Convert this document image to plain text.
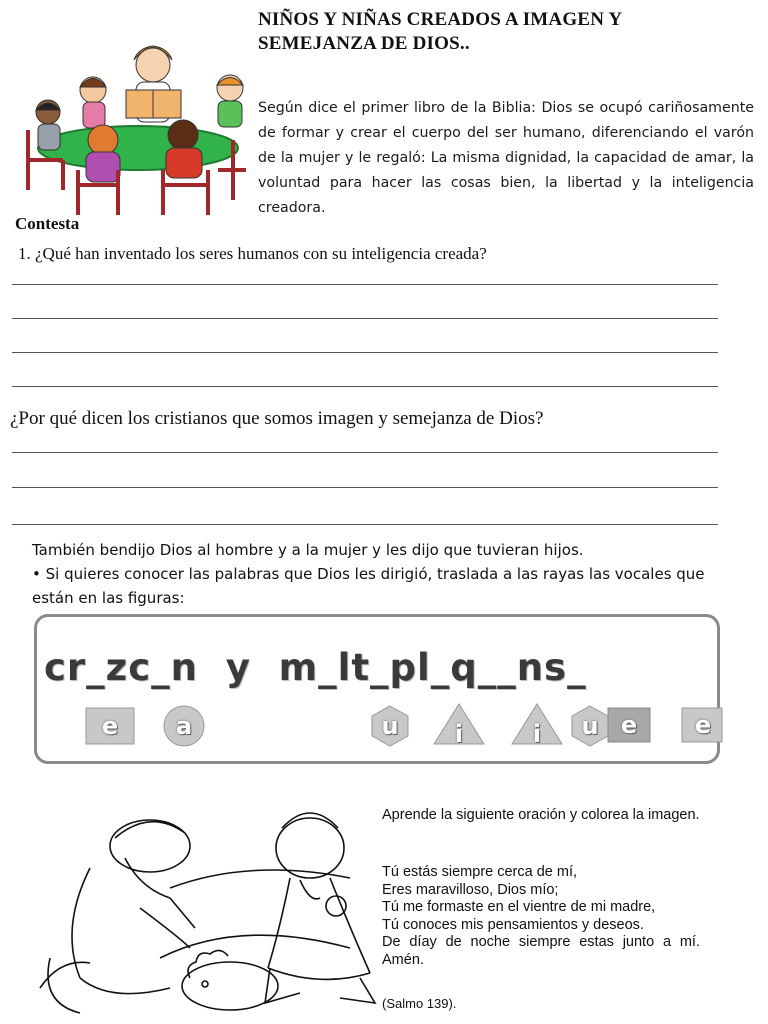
NIÑOS Y NIÑAS CREADOS A IMAGEN Y
SEMEJANZA DE DIOS..
Según dice el primer libro de la Biblia: Dios se ocupó cariñosamente de formar y crear el cuerpo del ser humano, diferenciando el varón de la mujer y le regaló: La misma dignidad, la capacidad de amar, la voluntad para hacer las cosas bien, la libertad y la inteligencia creadora.
Contesta
1. ¿Qué han inventado los seres humanos con su inteligencia creada?
¿Por qué dicen los cristianos que somos imagen y semejanza de Dios?
También bendijo Dios al hombre y a la mujer y les dijo que tuvieran hijos.
• Si quieres conocer las palabras que Dios les dirigió, traslada a las rayas las vocales que están en las figuras:
cr_zc_n  y  m_lt_pl_q__ns_
e	a	u	i	i	u e	e
Aprende la siguiente oración y colorea la imagen.
Tú estás siempre cerca de mí,
Eres maravilloso, Dios mío;
Tú me formaste en el vientre de mi madre,
Tú conoces mis pensamientos y deseos.
De díay de noche siempre estas junto a mí. Amén.
(Salmo 139).
